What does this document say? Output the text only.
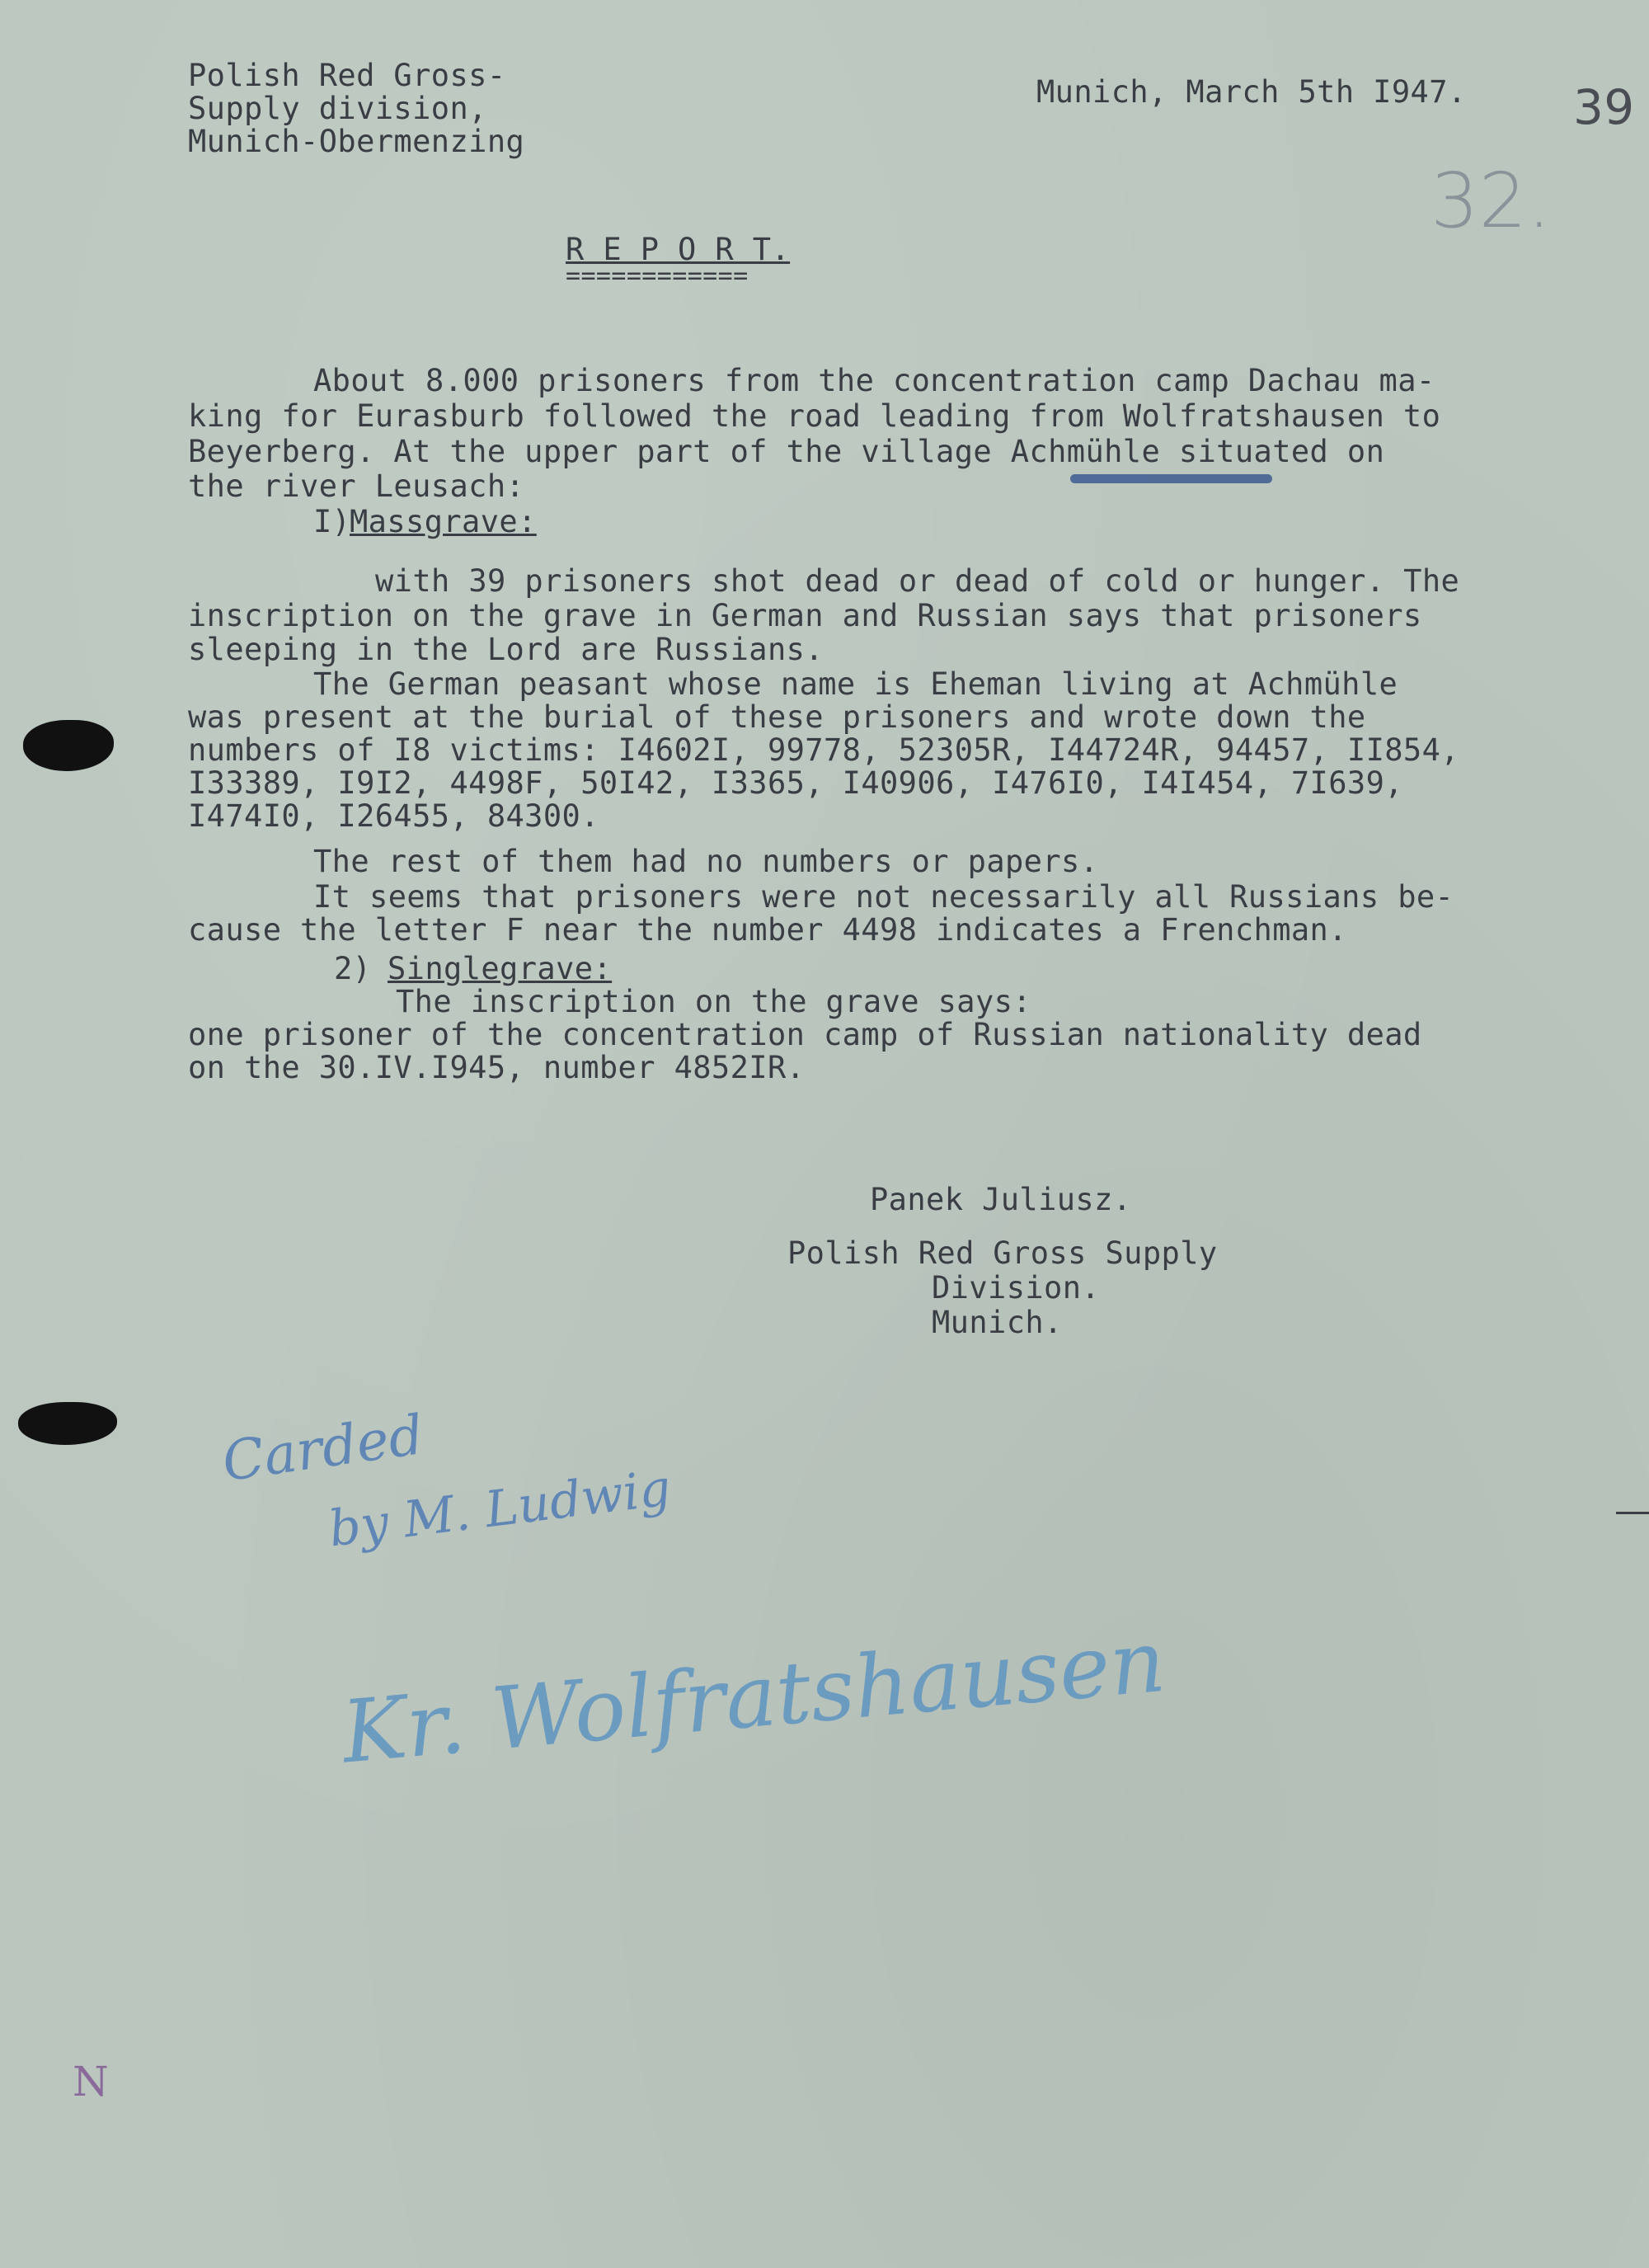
Polish Red Gross-
Supply division,
Munich-Obermenzing
Munich, March 5th I947. 39
32.
R E P O R T.
============
About 8.000 prisoners from the concentration camp Dachau ma-
king for Eurasburb followed the road leading from Wolfratshausen to
Beyerberg. At the upper part of the village Achmühle situated on
the river Leusach:
I)
Massgrave:
with 39 prisoners shot dead or dead of cold or hunger. The
inscription on the grave in German and Russian says that prisoners
sleeping in the Lord are Russians.
The German peasant whose name is Eheman living at Achmühle
was present at the burial of these prisoners and wrote down the
numbers of I8 victims: I4602I, 99778, 52305R, I44724R, 94457, II854,
I33389, I9I2, 4498F, 50I42, I3365, I40906, I476I0, I4I454, 7I639,
I474I0, I26455, 84300.
The rest of them had no numbers or papers.
It seems that prisoners were not necessarily all Russians be-
cause the letter F near the number 4498 indicates a Frenchman.
2)
Singlegrave:
The inscription on the grave says:
one prisoner of the concentration camp of Russian nationality dead
on the 30.IV.I945, number 4852IR.
Panek Juliusz.
Polish Red Gross Supply
Division.
Munich.
Carded
by M. Ludwig
Kr. Wolfratshausen
N
